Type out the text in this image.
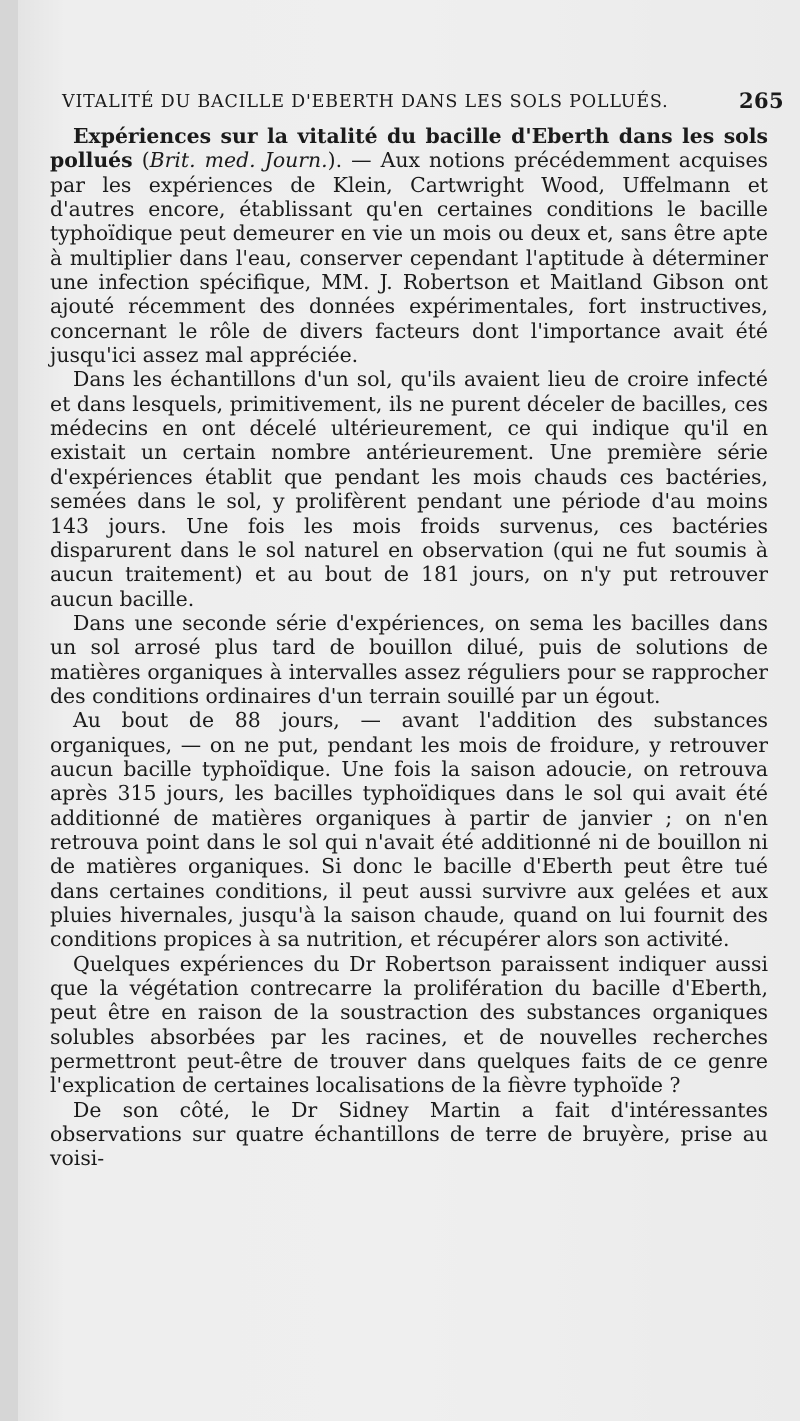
VITALITÉ DU BACILLE D'EBERTH DANS LES SOLS POLLUÉS.	265

Expériences sur la vitalité du bacille d'Eberth dans les sols pollués (Brit. med. Journ.). — Aux notions précédemment acquises par les expériences de Klein, Cartwright Wood, Uffelmann et d'autres encore, établissant qu'en certaines conditions le bacille typhoïdique peut demeurer en vie un mois ou deux et, sans être apte à multiplier dans l'eau, conserver cependant l'aptitude à déterminer une infection spécifique, MM. J. Robertson et Maitland Gibson ont ajouté récemment des données expérimentales, fort instructives, concernant le rôle de divers facteurs dont l'importance avait été jusqu'ici assez mal appréciée.

Dans les échantillons d'un sol, qu'ils avaient lieu de croire infecté et dans lesquels, primitivement, ils ne purent déceler de bacilles, ces médecins en ont décelé ultérieurement, ce qui indique qu'il en existait un certain nombre antérieurement. Une première série d'expériences établit que pendant les mois chauds ces bactéries, semées dans le sol, y prolifèrent pendant une période d'au moins 143 jours. Une fois les mois froids survenus, ces bactéries disparurent dans le sol naturel en observation (qui ne fut soumis à aucun traitement) et au bout de 181 jours, on n'y put retrouver aucun bacille.

Dans une seconde série d'expériences, on sema les bacilles dans un sol arrosé plus tard de bouillon dilué, puis de solutions de matières organiques à intervalles assez réguliers pour se rapprocher des conditions ordinaires d'un terrain souillé par un égout.

Au bout de 88 jours, — avant l'addition des substances organiques, — on ne put, pendant les mois de froidure, y retrouver aucun bacille typhoïdique. Une fois la saison adoucie, on retrouva après 315 jours, les bacilles typhoïdiques dans le sol qui avait été additionné de matières organiques à partir de janvier ; on n'en retrouva point dans le sol qui n'avait été additionné ni de bouillon ni de matières organiques. Si donc le bacille d'Eberth peut être tué dans certaines conditions, il peut aussi survivre aux gelées et aux pluies hivernales, jusqu'à la saison chaude, quand on lui fournit des conditions propices à sa nutrition, et récupérer alors son activité.

Quelques expériences du Dr Robertson paraissent indiquer aussi que la végétation contrecarre la prolifération du bacille d'Eberth, peut être en raison de la soustraction des substances organiques solubles absorbées par les racines, et de nouvelles recherches permettront peut-être de trouver dans quelques faits de ce genre l'explication de certaines localisations de la fièvre typhoïde ?

De son côté, le Dr Sidney Martin a fait d'intéressantes observations sur quatre échantillons de terre de bruyère, prise au voisi-
